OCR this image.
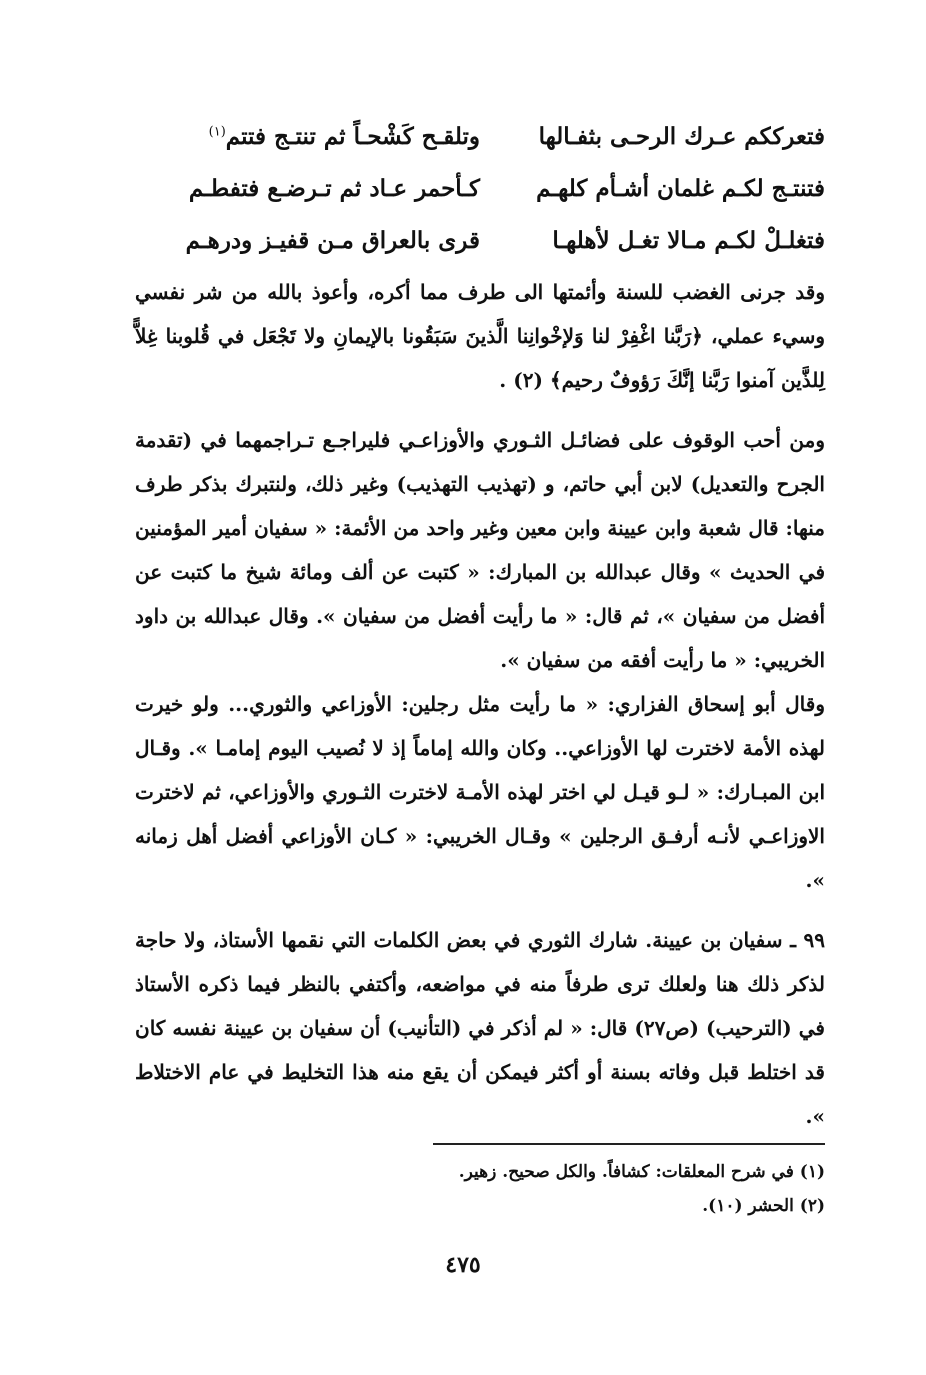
فتعرككم عـرك الرحـى بثفـالها
وتلقـح كَشْحـاً ثم تنتـج فتتم$^{(١)}$
فتنتـج لكـم غلمان أشـأم كلهـم
كـأحمر عـاد ثم تـرضـع فتفطـم
فتغلـلْ لكـم مـالا تغـل لأهلهـا
قرى بالعراق مـن قفيـز ودرهـم

وقد جرنى الغضب للسنة وأئمتها الى طرف مما أكره، وأعوذ بالله من شر نفسي وسيء عملي، ﴿رَبَّنا اغْفِرْ لنا وَلإخْوانِنا الَّذينَ سَبَقُونا بالإيمانِ ولا تَجْعَل في قُلوبنا غِلاًّ لِلذَّين آمنوا رَبَّنا إنَّكَ رَؤوفٌ رحيم﴾ (٢) .

ومن أحب الوقوف على فضائـل الثـوري والأوزاعـي فليراجـع تـراجمهما في (تقدمة الجرح والتعديل) لابن أبي حاتم، و (تهذيب التهذيب) وغير ذلك، ولنتبرك بذكر طرف منها: قال شعبة وابن عيينة وابن معين وغير واحد من الأئمة: « سفيان أمير المؤمنين في الحديث » وقال عبدالله بن المبارك: « كتبت عن ألف ومائة شيخ ما كتبت عن أفضل من سفيان »، ثم قال: « ما رأيت أفضل من سفيان ». وقال عبدالله بن داود الخريبي: « ما رأيت أفقه من سفيان ».

وقال أبو إسحاق الفزاري: « ما رأيت مثل رجلين: الأوزاعي والثوري... ولو خيرت لهذه الأمة لاخترت لها الأوزاعي.. وكان والله إماماً إذ لا نُصيب اليوم إمامـا ». وقـال ابن المبـارك: « لـو قيـل لي اختر لهذه الأمـة لاخترت الثـوري والأوزاعي، ثم لاخترت الاوزاعـي لأنـه أرفـق الرجلين » وقـال الخريبي: « كـان الأوزاعي أفضل أهل زمانه ».

٩٩ ـ سفيان بن عيينة. شارك الثوري في بعض الكلمات التي نقمها الأستاذ، ولا حاجة لذكر ذلك هنا ولعلك ترى طرفاً منه في مواضعه، وأكتفي بالنظر فيما ذكره الأستاذ في (الترحيب) (ص٢٧) قال: « لم أذكر في (التأنيب) أن سفيان بن عيينة نفسه كان قد اختلط قبل وفاته بسنة أو أكثر فيمكن أن يقع منه هذا التخليط في عام الاختلاط ».

(١) في شرح المعلقات: كشافاً. والكل صحيح. زهير.

(٢) الحشر (١٠).

٤٧٥
